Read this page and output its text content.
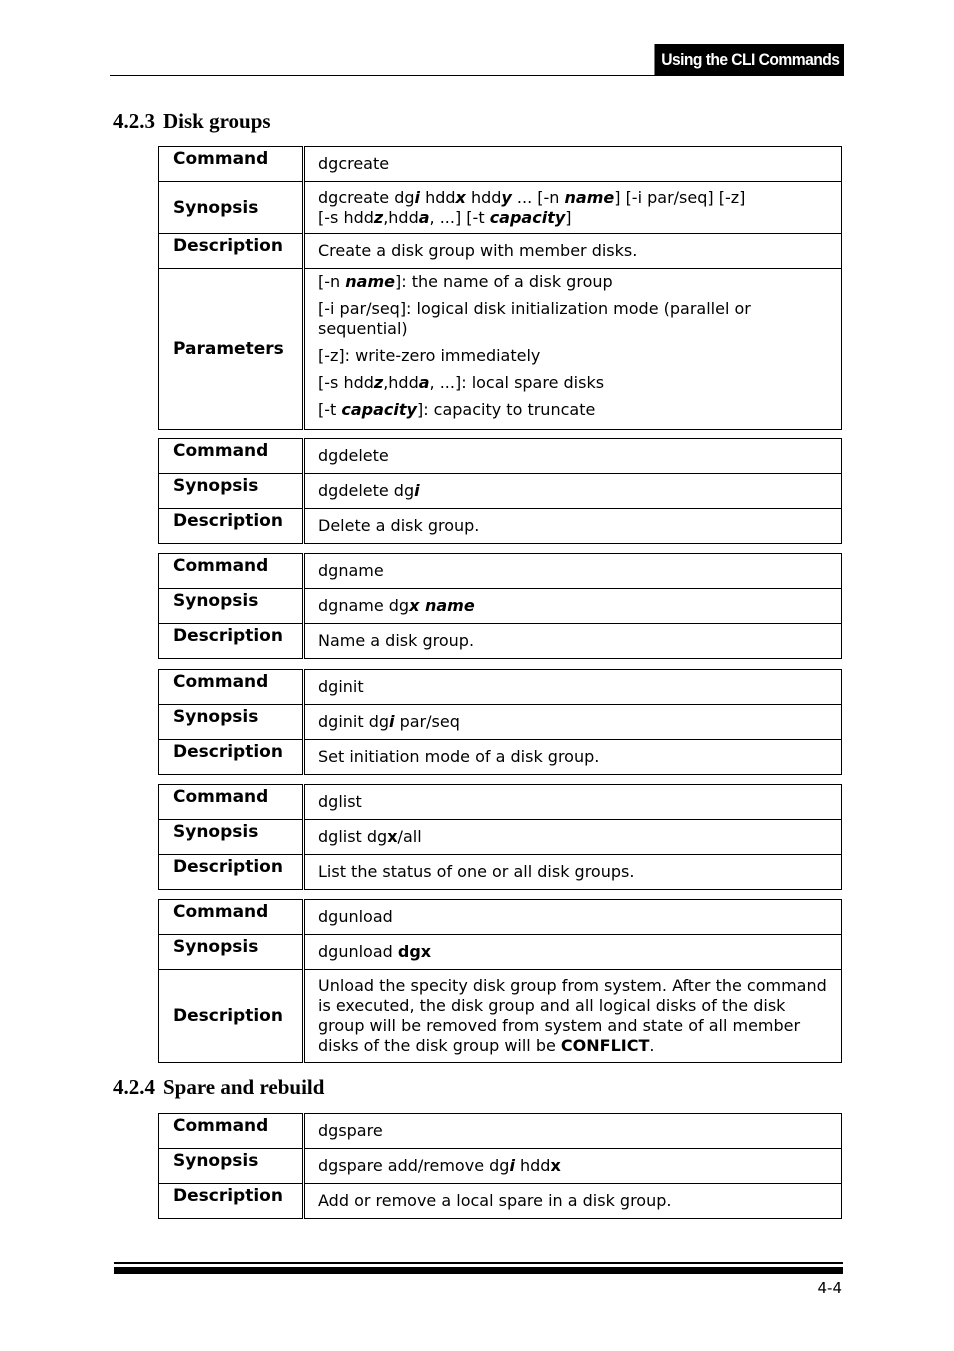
Using the CLI Commands
4.2.3 Disk groups
Command	dgcreate
Synopsis	dgcreate dgi hddx hddy ... [-n name] [-i par/seq] [-z]
[-s hddz,hdda, ...] [-t capacity]

Description	Create a disk group with member disks.
Parameters	[-n name]: the name of a disk group

[-i par/seq]: logical disk initialization mode (parallel or sequential)

[-z]: write-zero immediately

[-s hddz,hdda, ...]: local spare disks

[-t capacity]: capacity to truncate

Command	dgdelete
Synopsis	dgdelete dgi
Description	Delete a disk group.
Command	dgname
Synopsis	dgname dgx name
Description	Name a disk group.
Command	dginit
Synopsis	dginit dgi par/seq
Description	Set initiation mode of a disk group.
Command	dglist
Synopsis	dglist dgx/all
Description	List the status of one or all disk groups.
Command	dgunload
Synopsis	dgunload dgx
Description	Unload the specity disk group from system. After the command is executed, the disk group and all logical disks of the disk group will be removed from system and state of all member disks of the disk group will be CONFLICT.
4.2.4 Spare and rebuild
Command	dgspare
Synopsis	dgspare add/remove dgi hddx
Description	Add or remove a local spare in a disk group.
4-4
